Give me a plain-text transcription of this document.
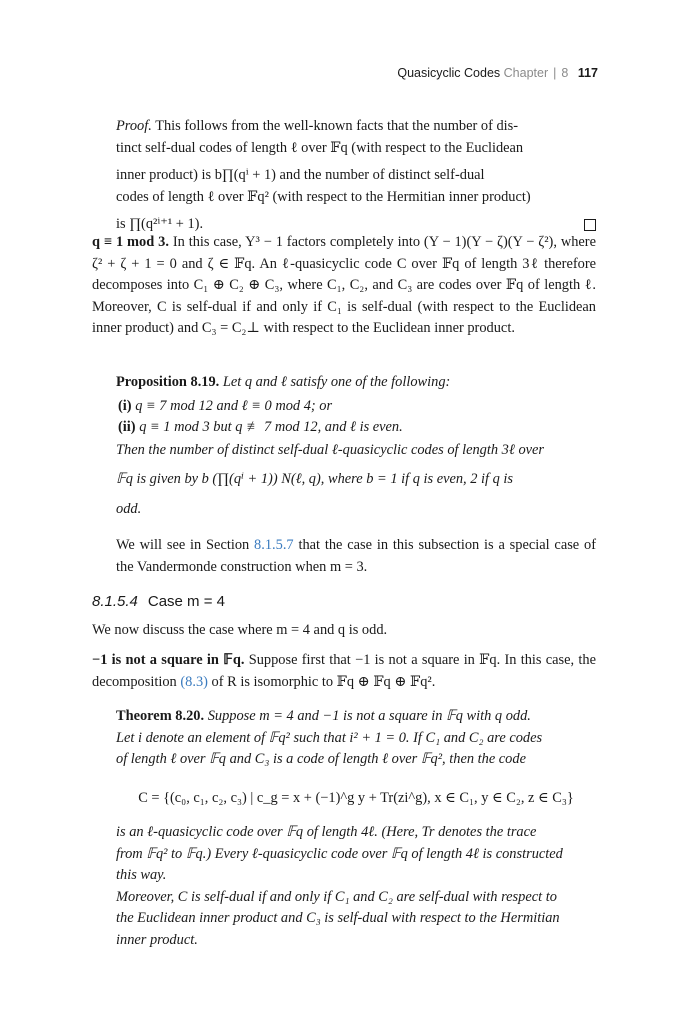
Quasicyclic Codes Chapter | 8 117
Proof. This follows from the well-known facts that the number of dis-
tinct self-dual codes of length ℓ over 𝔽q (with respect to the Euclidean
inner product) is b∏(qⁱ + 1) and the number of distinct self-dual
codes of length ℓ over 𝔽q² (with respect to the Hermitian inner product)
is ∏(q²ⁱ⁺¹ + 1).

q ≡ 1 mod 3. In this case, Y³ − 1 factors completely into (Y − 1)(Y − ζ)(Y − ζ²), where ζ² + ζ + 1 = 0 and ζ ∈ 𝔽q. An ℓ-quasicyclic code C over 𝔽q of length 3ℓ therefore decomposes into C₁ ⊕ C₂ ⊕ C₃, where C₁, C₂, and C₃ are codes over 𝔽q of length ℓ. Moreover, C is self-dual if and only if C₁ is self-dual (with respect to the Euclidean inner product) and C₃ = C₂⊥ with respect to the Euclidean inner product.

Proposition 8.19. Let q and ℓ satisfy one of the following:
(i) q ≡ 7 mod 12 and ℓ ≡ 0 mod 4; or
(ii) q ≡ 1 mod 3 but q ≢ 7 mod 12, and ℓ is even.
Then the number of distinct self-dual ℓ-quasicyclic codes of length 3ℓ over
𝔽q is given by b (∏(qⁱ + 1)) N(ℓ, q), where b = 1 if q is even, 2 if q is
odd.

We will see in Section 8.1.5.7 that the case in this subsection is a special case of the Vandermonde construction when m = 3.

8.1.5.4 Case m = 4
We now discuss the case where m = 4 and q is odd.

−1 is not a square in 𝔽q. Suppose first that −1 is not a square in 𝔽q. In this case, the decomposition (8.3) of R is isomorphic to 𝔽q ⊕ 𝔽q ⊕ 𝔽q².

Theorem 8.20. Suppose m = 4 and −1 is not a square in 𝔽q with q odd.
Let i denote an element of 𝔽q² such that i² + 1 = 0. If C₁ and C₂ are codes
of length ℓ over 𝔽q and C₃ is a code of length ℓ over 𝔽q², then the code
C = {(c₀, c₁, c₂, c₃) | c_g = x + (−1)^g y + Tr(zi^g), x ∈ C₁, y ∈ C₂, z ∈ C₃}
is an ℓ-quasicyclic code over 𝔽q of length 4ℓ. (Here, Tr denotes the trace
from 𝔽q² to 𝔽q.) Every ℓ-quasicyclic code over 𝔽q of length 4ℓ is constructed
this way.
Moreover, C is self-dual if and only if C₁ and C₂ are self-dual with respect to
the Euclidean inner product and C₃ is self-dual with respect to the Hermitian
inner product.
